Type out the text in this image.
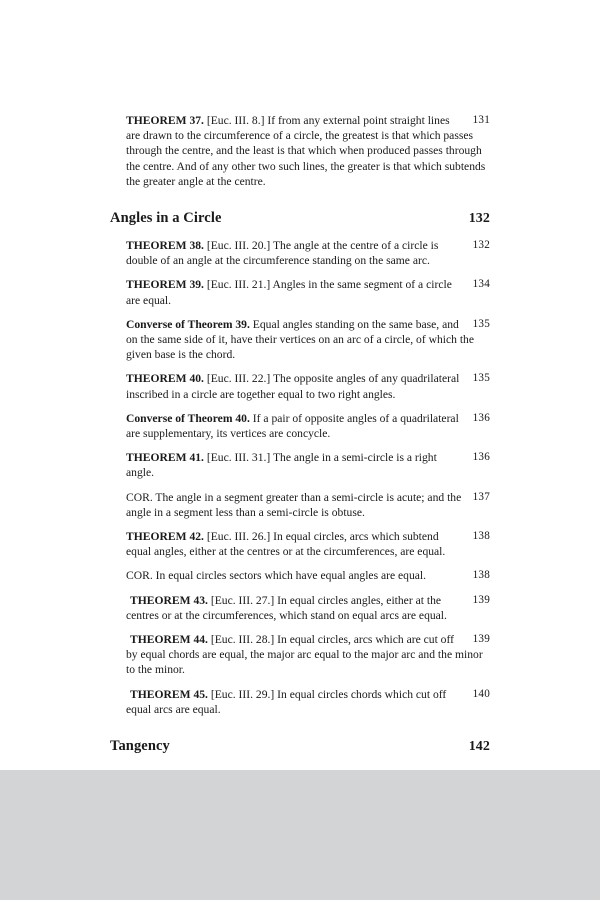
131
THEOREM 37. [Euc. III. 8.] If from any external point straight lines are drawn to the circumference of a circle, the greatest is that which passes through the centre, and the least is that which when produced passes through the centre. And of any other two such lines, the greater is that which subtends the greater angle at the centre.
Angles in a Circle	132
132
THEOREM 38. [Euc. III. 20.] The angle at the centre of a circle is double of an angle at the circumference standing on the same arc.
134
THEOREM 39. [Euc. III. 21.] Angles in the same segment of a circle are equal.
135
Converse of Theorem 39. Equal angles standing on the same base, and on the same side of it, have their vertices on an arc of a circle, of which the given base is the chord.
135
THEOREM 40. [Euc. III. 22.] The opposite angles of any quadrilateral inscribed in a circle are together equal to two right angles.
136
Converse of Theorem 40. If a pair of opposite angles of a quadrilateral are supplementary, its vertices are concycle.
136
THEOREM 41. [Euc. III. 31.] The angle in a semi-circle is a right angle.
137
COR. The angle in a segment greater than a semi-circle is acute; and the angle in a segment less than a semi-circle is obtuse.
138
THEOREM 42. [Euc. III. 26.] In equal circles, arcs which subtend equal angles, either at the centres or at the circumferences, are equal.
138
COR. In equal circles sectors which have equal angles are equal.
139
THEOREM 43. [Euc. III. 27.] In equal circles angles, either at the centres or at the circumferences, which stand on equal arcs are equal.
139
THEOREM 44. [Euc. III. 28.] In equal circles, arcs which are cut off by equal chords are equal, the major arc equal to the major arc and the minor to the minor.
140
THEOREM 45. [Euc. III. 29.] In equal circles chords which cut off equal arcs are equal.
Tangency	142
